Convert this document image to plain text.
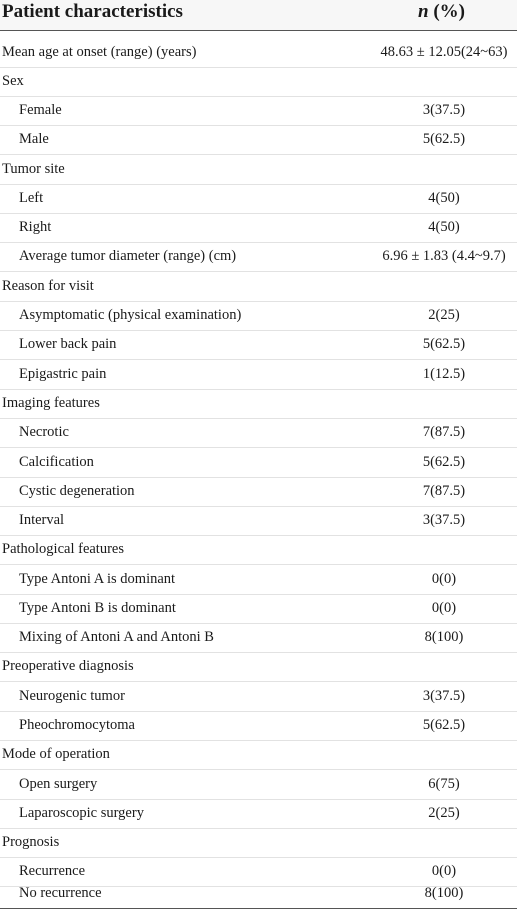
Patient characteristics	n (%)
Mean age at onset (range) (years)	48.63 ± 12.05(24~63)
Sex
Female	3(37.5)
Male	5(62.5)
Tumor site
Left	4(50)
Right	4(50)
Average tumor diameter (range) (cm)	6.96 ± 1.83 (4.4~9.7)
Reason for visit
Asymptomatic (physical examination)	2(25)
Lower back pain	5(62.5)
Epigastric pain	1(12.5)
Imaging features
Necrotic	7(87.5)
Calcification	5(62.5)
Cystic degeneration	7(87.5)
Interval	3(37.5)
Pathological features
Type Antoni A is dominant	0(0)
Type Antoni B is dominant	0(0)
Mixing of Antoni A and Antoni B	8(100)
Preoperative diagnosis
Neurogenic tumor	3(37.5)
Pheochromocytoma	5(62.5)
Mode of operation
Open surgery	6(75)
Laparoscopic surgery	2(25)
Prognosis
Recurrence	0(0)
No recurrence	8(100)
